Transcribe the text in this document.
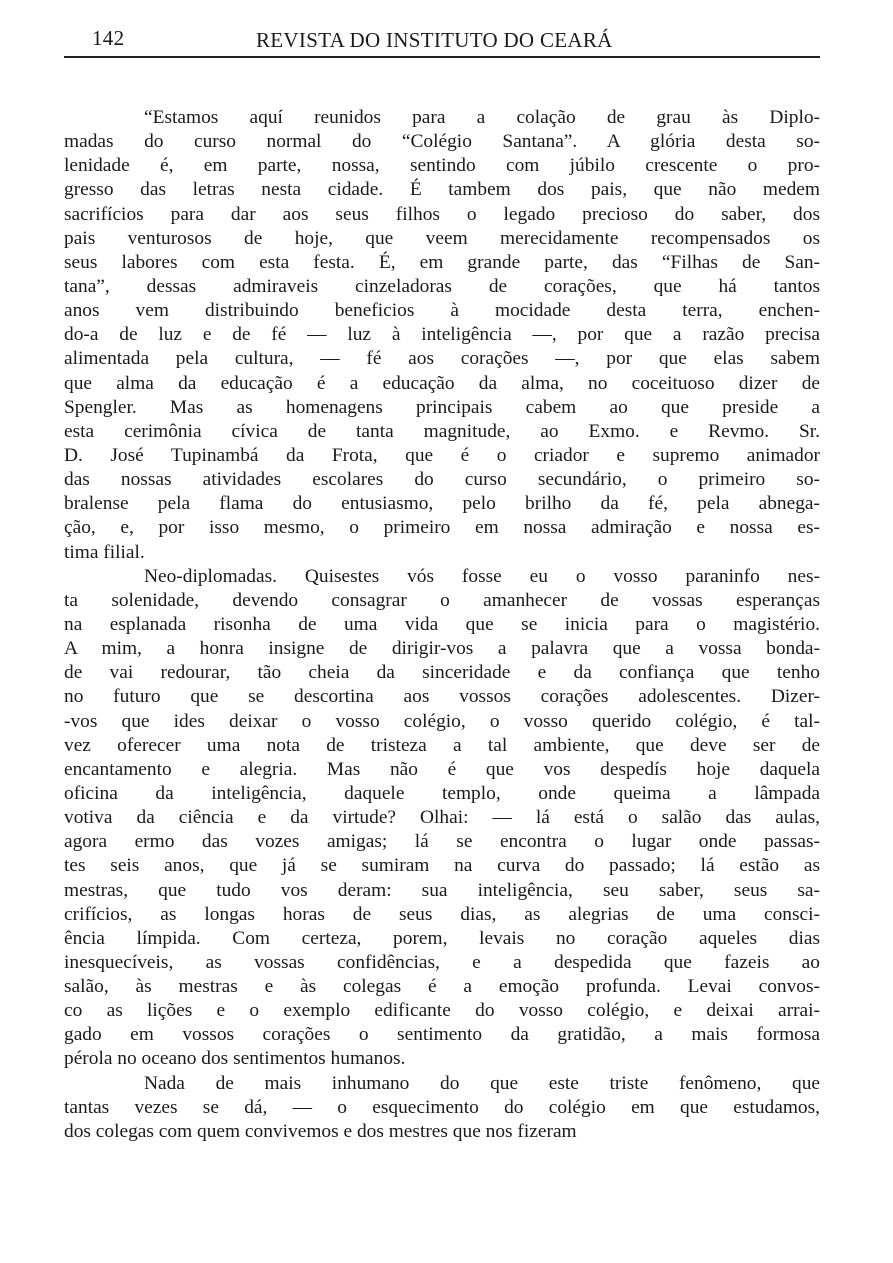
142	REVISTA DO INSTITUTO DO CEARÁ
“Estamos aquí reunidos para a colação de grau às Diplo-
madas do curso normal do “Colégio Santana”. A glória desta so-
lenidade é, em parte, nossa, sentindo com júbilo crescente o pro-
gresso das letras nesta cidade. É tambem dos pais, que não medem
sacrifícios para dar aos seus filhos o legado precioso do saber, dos
pais venturosos de hoje, que veem merecidamente recompensados os
seus labores com esta festa. É, em grande parte, das “Filhas de San-
tana”, dessas admiraveis cinzeladoras de corações, que há tantos
anos vem distribuindo beneficios à mocidade desta terra, enchen-
do-a de luz e de fé — luz à inteligência —, por que a razão precisa
alimentada pela cultura, — fé aos corações —, por que elas sabem
que alma da educação é a educação da alma, no coceituoso dizer de
Spengler. Mas as homenagens principais cabem ao que preside a
esta cerimônia cívica de tanta magnitude, ao Exmo. e Revmo. Sr.
D. José Tupinambá da Frota, que é o criador e supremo animador
das nossas atividades escolares do curso secundário, o primeiro so-
bralense pela flama do entusiasmo, pelo brilho da fé, pela abnega-
ção, e, por isso mesmo, o primeiro em nossa admiração e nossa es-
tima filial.
Neo-diplomadas. Quisestes vós fosse eu o vosso paraninfo nes-
ta solenidade, devendo consagrar o amanhecer de vossas esperanças
na esplanada risonha de uma vida que se inicia para o magistério.
A mim, a honra insigne de dirigir-vos a palavra que a vossa bonda-
de vai redourar, tão cheia da sinceridade e da confiança que tenho
no futuro que se descortina aos vossos corações adolescentes. Dizer-
-vos que ides deixar o vosso colégio, o vosso querido colégio, é tal-
vez oferecer uma nota de tristeza a tal ambiente, que deve ser de
encantamento e alegria. Mas não é que vos despedís hoje daquela
oficina da inteligência, daquele templo, onde queima a lâmpada
votiva da ciência e da virtude? Olhai: — lá está o salão das aulas,
agora ermo das vozes amigas; lá se encontra o lugar onde passas-
tes seis anos, que já se sumiram na curva do passado; lá estão as
mestras, que tudo vos deram: sua inteligência, seu saber, seus sa-
crifícios, as longas horas de seus dias, as alegrias de uma consci-
ência límpida. Com certeza, porem, levais no coração aqueles dias
inesquecíveis, as vossas confidências, e a despedida que fazeis ao
salão, às mestras e às colegas é a emoção profunda. Levai convos-
co as lições e o exemplo edificante do vosso colégio, e deixai arrai-
gado em vossos corações o sentimento da gratidão, a mais formosa
pérola no oceano dos sentimentos humanos.
Nada de mais inhumano do que este triste fenômeno, que
tantas vezes se dá, — o esquecimento do colégio em que estudamos,
dos colegas com quem convivemos e dos mestres que nos fizeram
